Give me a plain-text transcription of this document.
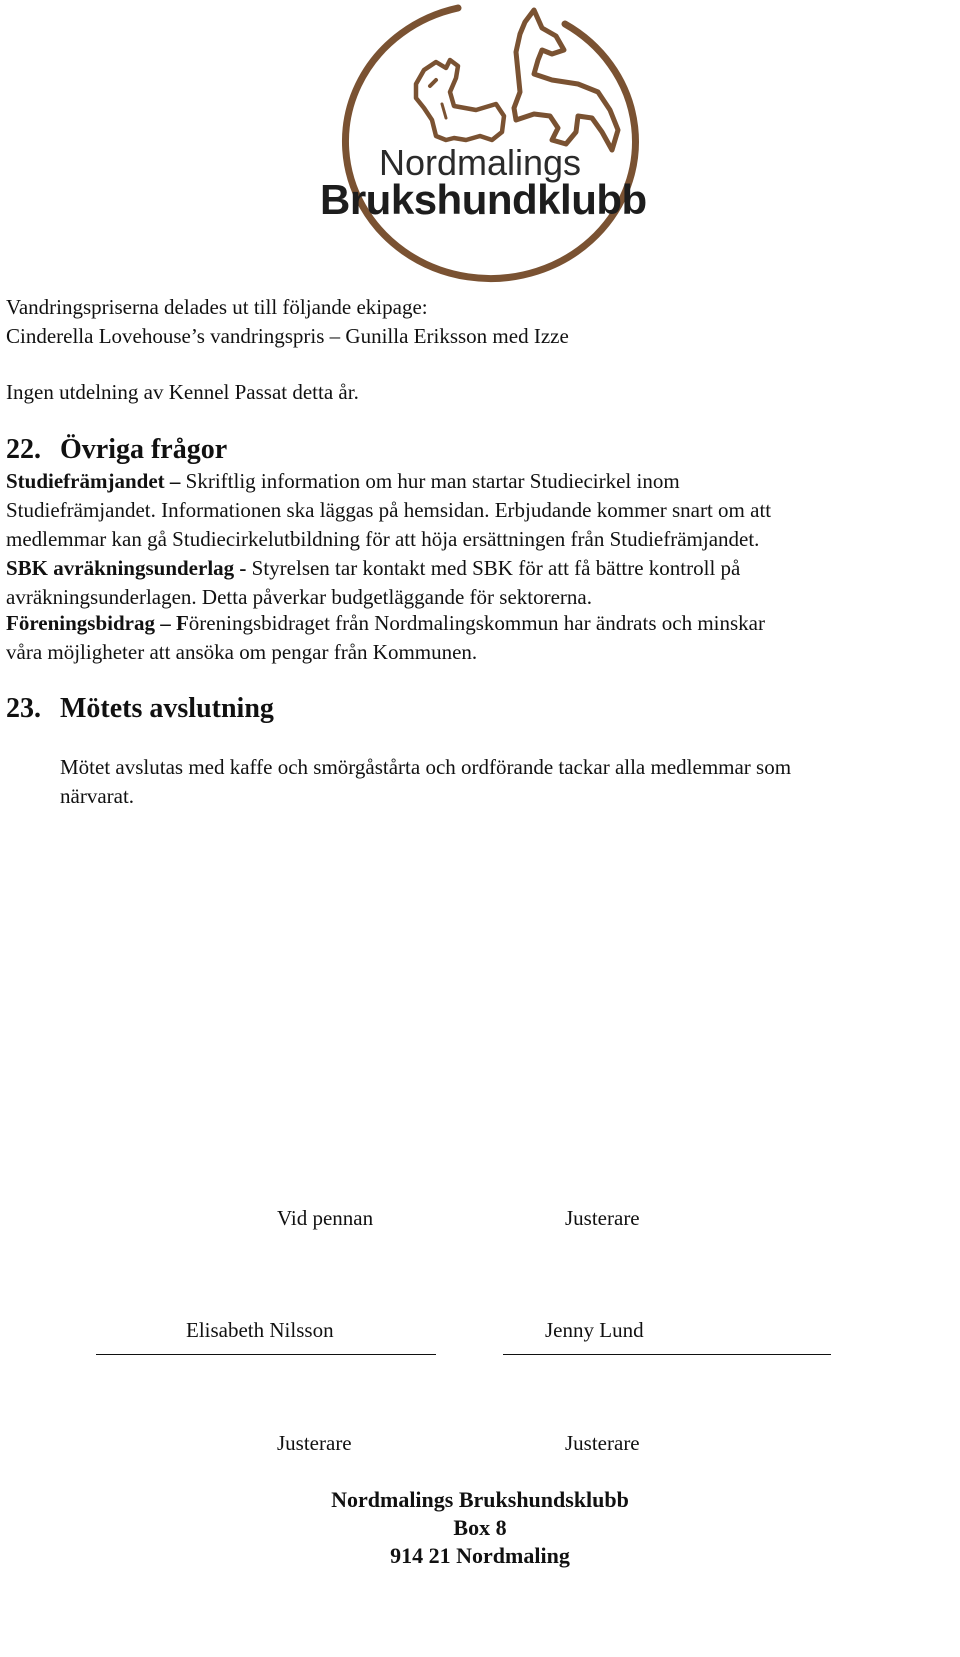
Nordmalings
Brukshundklubb
Vandringspriserna delades ut till följande ekipage:
Cinderella Lovehouse’s vandringspris – Gunilla Eriksson med Izze
Ingen utdelning av Kennel Passat detta år.
22. Övriga frågor
Studiefrämjandet – Skriftlig information om hur man startar Studiecirkel inom
Studiefrämjandet. Informationen ska läggas på hemsidan. Erbjudande kommer snart om att
medlemmar kan gå Studiecirkelutbildning för att höja ersättningen från Studiefrämjandet.
SBK avräkningsunderlag - Styrelsen tar kontakt med SBK för att få bättre kontroll på
avräkningsunderlagen. Detta påverkar budgetläggande för sektorerna.
Föreningsbidrag – Föreningsbidraget från Nordmalingskommun har ändrats och minskar
våra möjligheter att ansöka om pengar från Kommunen.
23. Mötets avslutning
Mötet avslutas med kaffe och smörgåstårta och ordförande tackar alla medlemmar som
närvarat.
Vid pennan	Justerare
Elisabeth Nilsson	Jenny Lund
Justerare	Justerare
Nordmalings Brukshundsklubb
Box 8
914 21 Nordmaling
